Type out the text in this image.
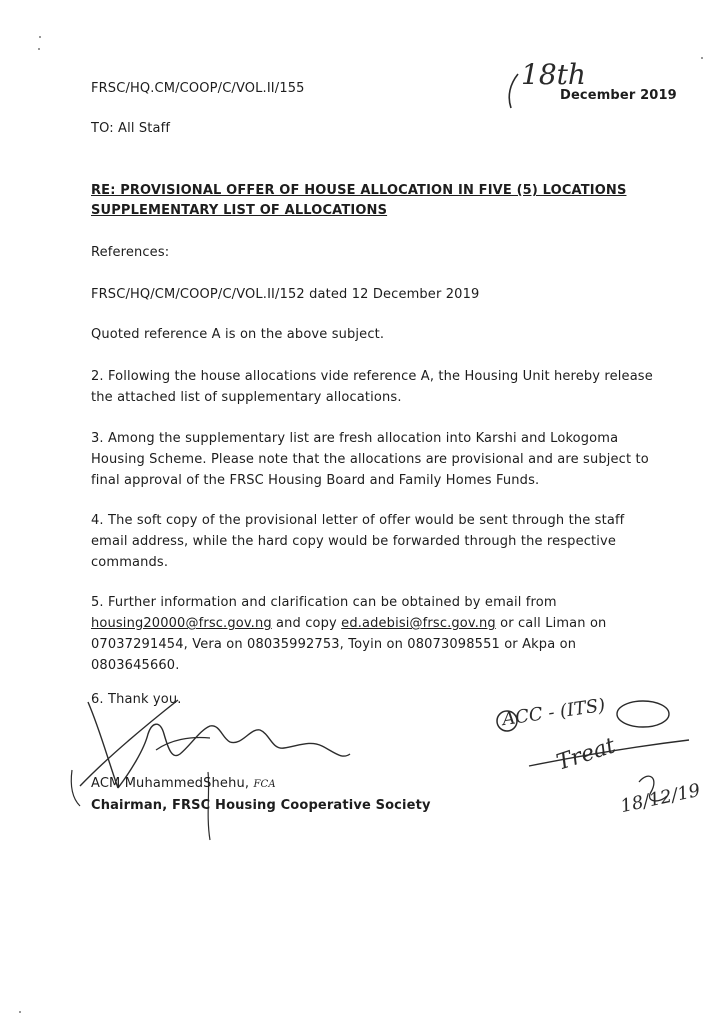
FRSC/HQ.CM/COOP/C/VOL.II/155	18th
December 2019
TO: All Staff
RE: PROVISIONAL OFFER OF HOUSE ALLOCATION IN FIVE (5) LOCATIONS
SUPPLEMENTARY LIST OF ALLOCATIONS
References:
FRSC/HQ/CM/COOP/C/VOL.II/152 dated 12 December 2019
Quoted reference A is on the above subject.
2. Following the house allocations vide reference A, the Housing Unit hereby release
the attached list of supplementary allocations.
3. Among the supplementary list are fresh allocation into Karshi and Lokogoma
Housing Scheme. Please note that the allocations are provisional and are subject to
final approval of the FRSC Housing Board and Family Homes Funds.
4. The soft copy of the provisional letter of offer would be sent through the staff
email address, while the hard copy would be forwarded through the respective
commands.
5. Further information and clarification can be obtained by email from
housing20000@frsc.gov.ng and copy ed.adebisi@frsc.gov.ng or call Liman on
07037291454, Vera on 08035992753, Toyin on 08073098551 or Akpa on
0803645660.
6. Thank you.
ACM MuhammedShehu, FCA
Chairman, FRSC Housing Cooperative Society
ACC - (ITS)
Treat
18/12/19
